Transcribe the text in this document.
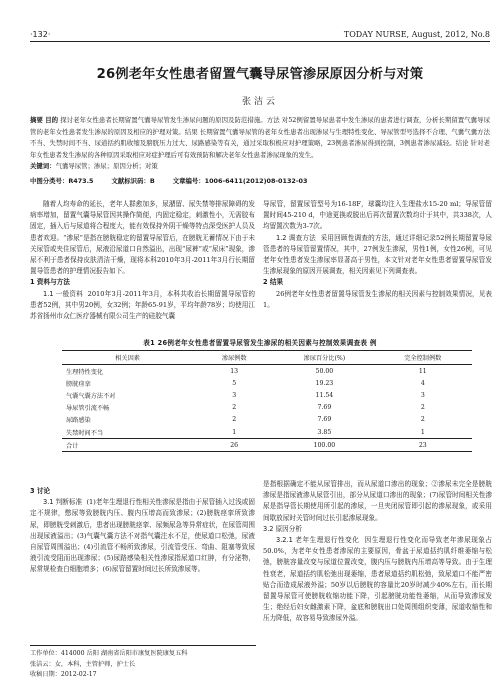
·132·	TODAY NURSE, August, 2012, No.8
26例老年女性患者留置气囊导尿管渗尿原因分析与对策
张洁云
摘要 目的 探讨老年女性患者长期留置气囊导尿管发生渗尿问题的原因及防范措施。方法 对52例留置导尿患者中发生渗尿的患者进行调查，分析长期留置气囊导尿管的老年女性患者发生渗尿的原因及相应的护理对策。结果 长期留置气囊导尿管的老年女性患者出现渗尿与生理特性变化、导尿管型号选择不合理、气囊气囊方法不当、失禁时间不当、尿道括约肌收缩及膀胱压力过大、尿路感染等有关，通过采取积极应对护理策略，23例患者渗尿得到控制，3例患者渗尿减轻。结论 针对老年女性患者发生渗尿的各种原因采取相应对症护理后可有效预防和解决老年女性患者渗尿现象的发生。
关键词：气囊导尿管；渗尿；原因分析；对策
中图分类号：R473.5	文献标识码：B	文章编号：1006-6411(2012)08-0132-03

随着人均寿命的延长，老年人群愈加多，尿潴留、尿失禁等排尿障碍的发病率增加，留置气囊导尿管因其操作简便，内固定稳定，刺激性小，无需胶布固定，插入后与尿道将合程度大，能有效保持外阴干燥等特点深受医护人员及患者欢迎。“渗尿”是指在膀胱稳定的留置导尿管后，在膀胱无蓄情况下由于未关尿管或夹住尿管后，尿液沿尿道口自然溢出，出现“尿裤”或“尿床”现象，渗尿不利于患者保持皮肤清洁干燥，现将本科2010年3月-2011年3月行长期留置导管患者的护理情况报告如下。

1 资料与方法

1.1 一般资料 2010年3月-2011年3月，本科共收治长期留置导尿管的患者52例，其中男20例，女32例；年龄65-91岁，平均年龄78岁；均使用江苏省扬州市众仁医疗器械有限公司生产的硅胶气囊

导尿管，留置尿管型号为16-18F，球囊均注入生理盐水15-20 ml；导尿管留置时间45-210 d，中途更换或脱出后再次留置次数均计于其中，共338次，人均留置次数为3-7次。

1.2 调查方法 采用回顾性调查的方法，通过详细记录52例长期留置导尿管患者的导尿管留置情况，其中，27例发生渗尿，男性1例，女性26例，可见老年女性患者发生渗尿率显著高于男性，本文针对老年女性患者留置导尿管发生渗尿现象的原因开展调查，相关因素见下列调查表。

2 结果

26例老年女性患者留置导尿管发生渗尿的相关因素与控制效果情况，见表1。

表1 26例老年女性患者留置导尿管发生渗尿的相关因素与控制效果调查表 例
相关因素	渗尿例数	渗尿百分比(%)	完全控制例数
生理特性变化	13	50.00	11
膀胱痉挛	5	19.23	4
气囊气囊方法不对	3	11.54	3
导尿管引流不畅	2	7.69	2
尿路感染	2	7.69	2
失禁时间不当	1	3.85	1
合计	26	100.00	23
3 讨论

3.1 判断标准 (1)老年生理退行性相关性渗尿是指由于尿管插入过浅或固定不规律，憋尿等致膀胱内压、腹内压增高而致渗尿；(2)膀胱痉挛所致渗尿，即膀胱受刺激后，患者出现膀胱痉挛、尿频尿急等异常症状，在尿管周围出现尿液溢出；(3)气囊气囊方法不对指气囊注水不足，使尿道口松弛，尿液自尿管周围溢出；(4)引流管不畅所致渗尿，引流管受压、弯曲、阻塞等致尿液引流受阻而出现渗尿；(5)尿路感染相关性渗尿指尿道口红肿，有分泌物，尿常规检查白细胞增多；(6)尿管留置时间过长所致渗尿等。

是指根据确定不能从尿管排出，而从尿道口渗出的现象；②渗尿未完全是膀胱渗尿是指尿液渗从尿管引出，部分从尿道口渗出的现象；(7)尿管时间相关性渗尿是指导管长期使用所引起的渗尿，一旦夹闭尿管即引起的渗尿现象，或采用间歇放尿时关管时间过长引起渗尿现象。

3.2 原因分析

3.2.1 老年生理退行性变化 因生理退行性变化而导致老年渗尿现象占50.0%，为老年女性患者渗尿的主要原因，骨盆于尿道括约肌纤维萎缩与松弛，膀胱容量改变与尿道位置改变，腹内压与膀胱内压增高等导致。由于生理性衰老，尿道括约肌松弛出现萎缩，患者尿道括约肌松弛，致尿道口不能严密贴合而造成尿液外溢；50岁以后膀胱的容量比20岁时减少40%左右，而长期留置导尿管可使膀胱收缩功能下降，引起膀胱功能性萎缩，从而导致渗尿发生；绝经后妇女雌激素下降，盆底和膀胱出口处周围组织变薄，尿道收缩性和压力降低，故容易导致渗尿外溢。

工作单位：414000 岳阳 湖南省岳阳市康复医院康复五科
张洁云：女，本科，主管护师，护士长
收稿日期：2012-02-17
